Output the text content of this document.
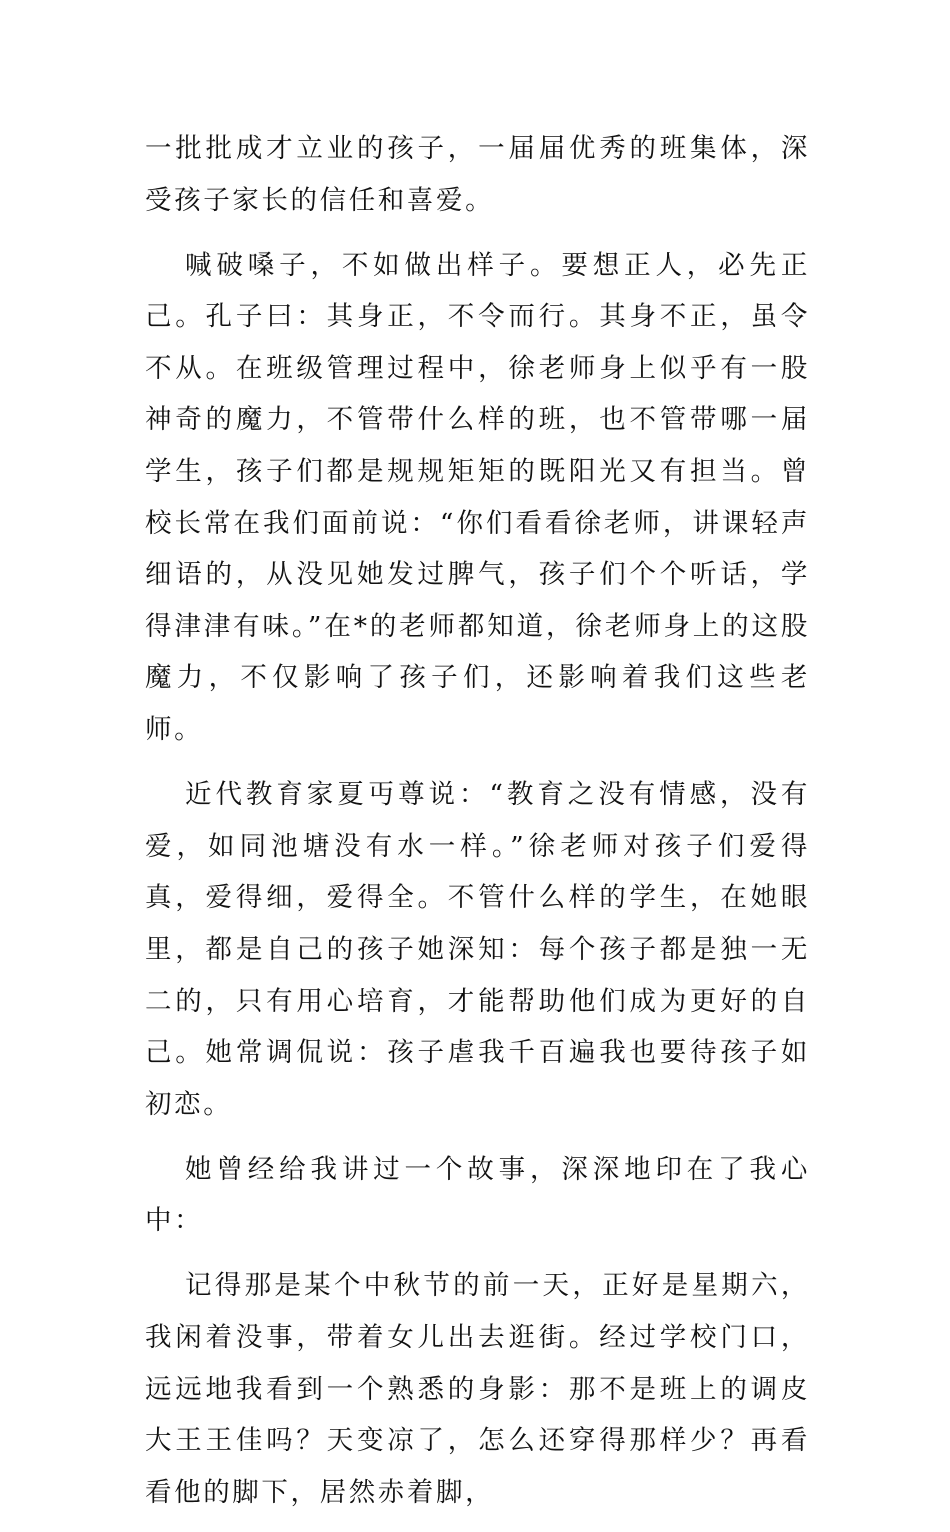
一批批成才立业的孩子，一届届优秀的班集体，深受孩子家长的信任和喜爱。

喊破嗓子，不如做出样子。要想正人，必先正己。孔子曰：其身正，不令而行。其身不正，虽令不从。在班级管理过程中，徐老师身上似乎有一股神奇的魔力，不管带什么样的班，也不管带哪一届学生，孩子们都是规规矩矩的既阳光又有担当。曾校长常在我们面前说：“你们看看徐老师，讲课轻声细语的，从没见她发过脾气，孩子们个个听话，学得津津有味。”在*的老师都知道，徐老师身上的这股魔力，不仅影响了孩子们，还影响着我们这些老师。

近代教育家夏丏尊说：“教育之没有情感，没有爱，如同池塘没有水一样。”徐老师对孩子们爱得真，爱得细，爱得全。不管什么样的学生，在她眼里，都是自己的孩子她深知：每个孩子都是独一无二的，只有用心培育，才能帮助他们成为更好的自己。她常调侃说：孩子虐我千百遍我也要待孩子如初恋。

她曾经给我讲过一个故事，深深地印在了我心中：

记得那是某个中秋节的前一天，正好是星期六，我闲着没事，带着女儿出去逛街。经过学校门口，远远地我看到一个熟悉的身影：那不是班上的调皮大王王佳吗？天变凉了，怎么还穿得那样少？再看看他的脚下，居然赤着脚，
